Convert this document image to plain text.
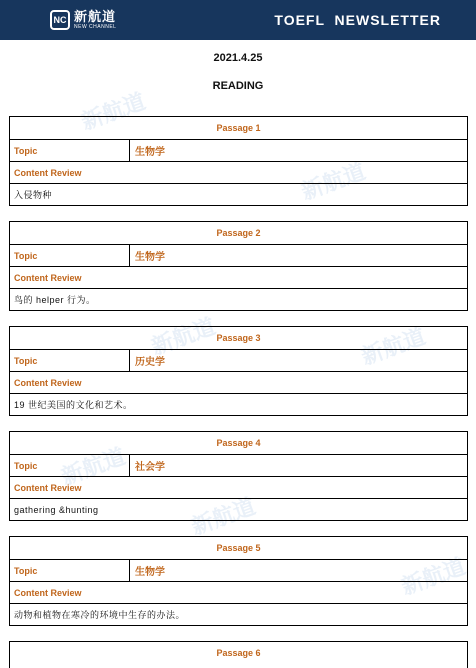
NC 新航道
NEW CHANNEL	TOEFL  NEWSLETTER
新航道
新航道
新航道	新航道
新航道
新航道
新航道
2021.4.25
READING
Passage 1
Topic	生物学
Content Review
入侵物种
Passage 2
Topic	生物学
Content Review
鸟的 helper 行为。
Passage 3
Topic	历史学
Content Review
19 世纪美国的文化和艺术。
Passage 4
Topic	社会学
Content Review
gathering &hunting
Passage 5
Topic	生物学
Content Review
动物和植物在寒冷的环境中生存的办法。
Passage 6
